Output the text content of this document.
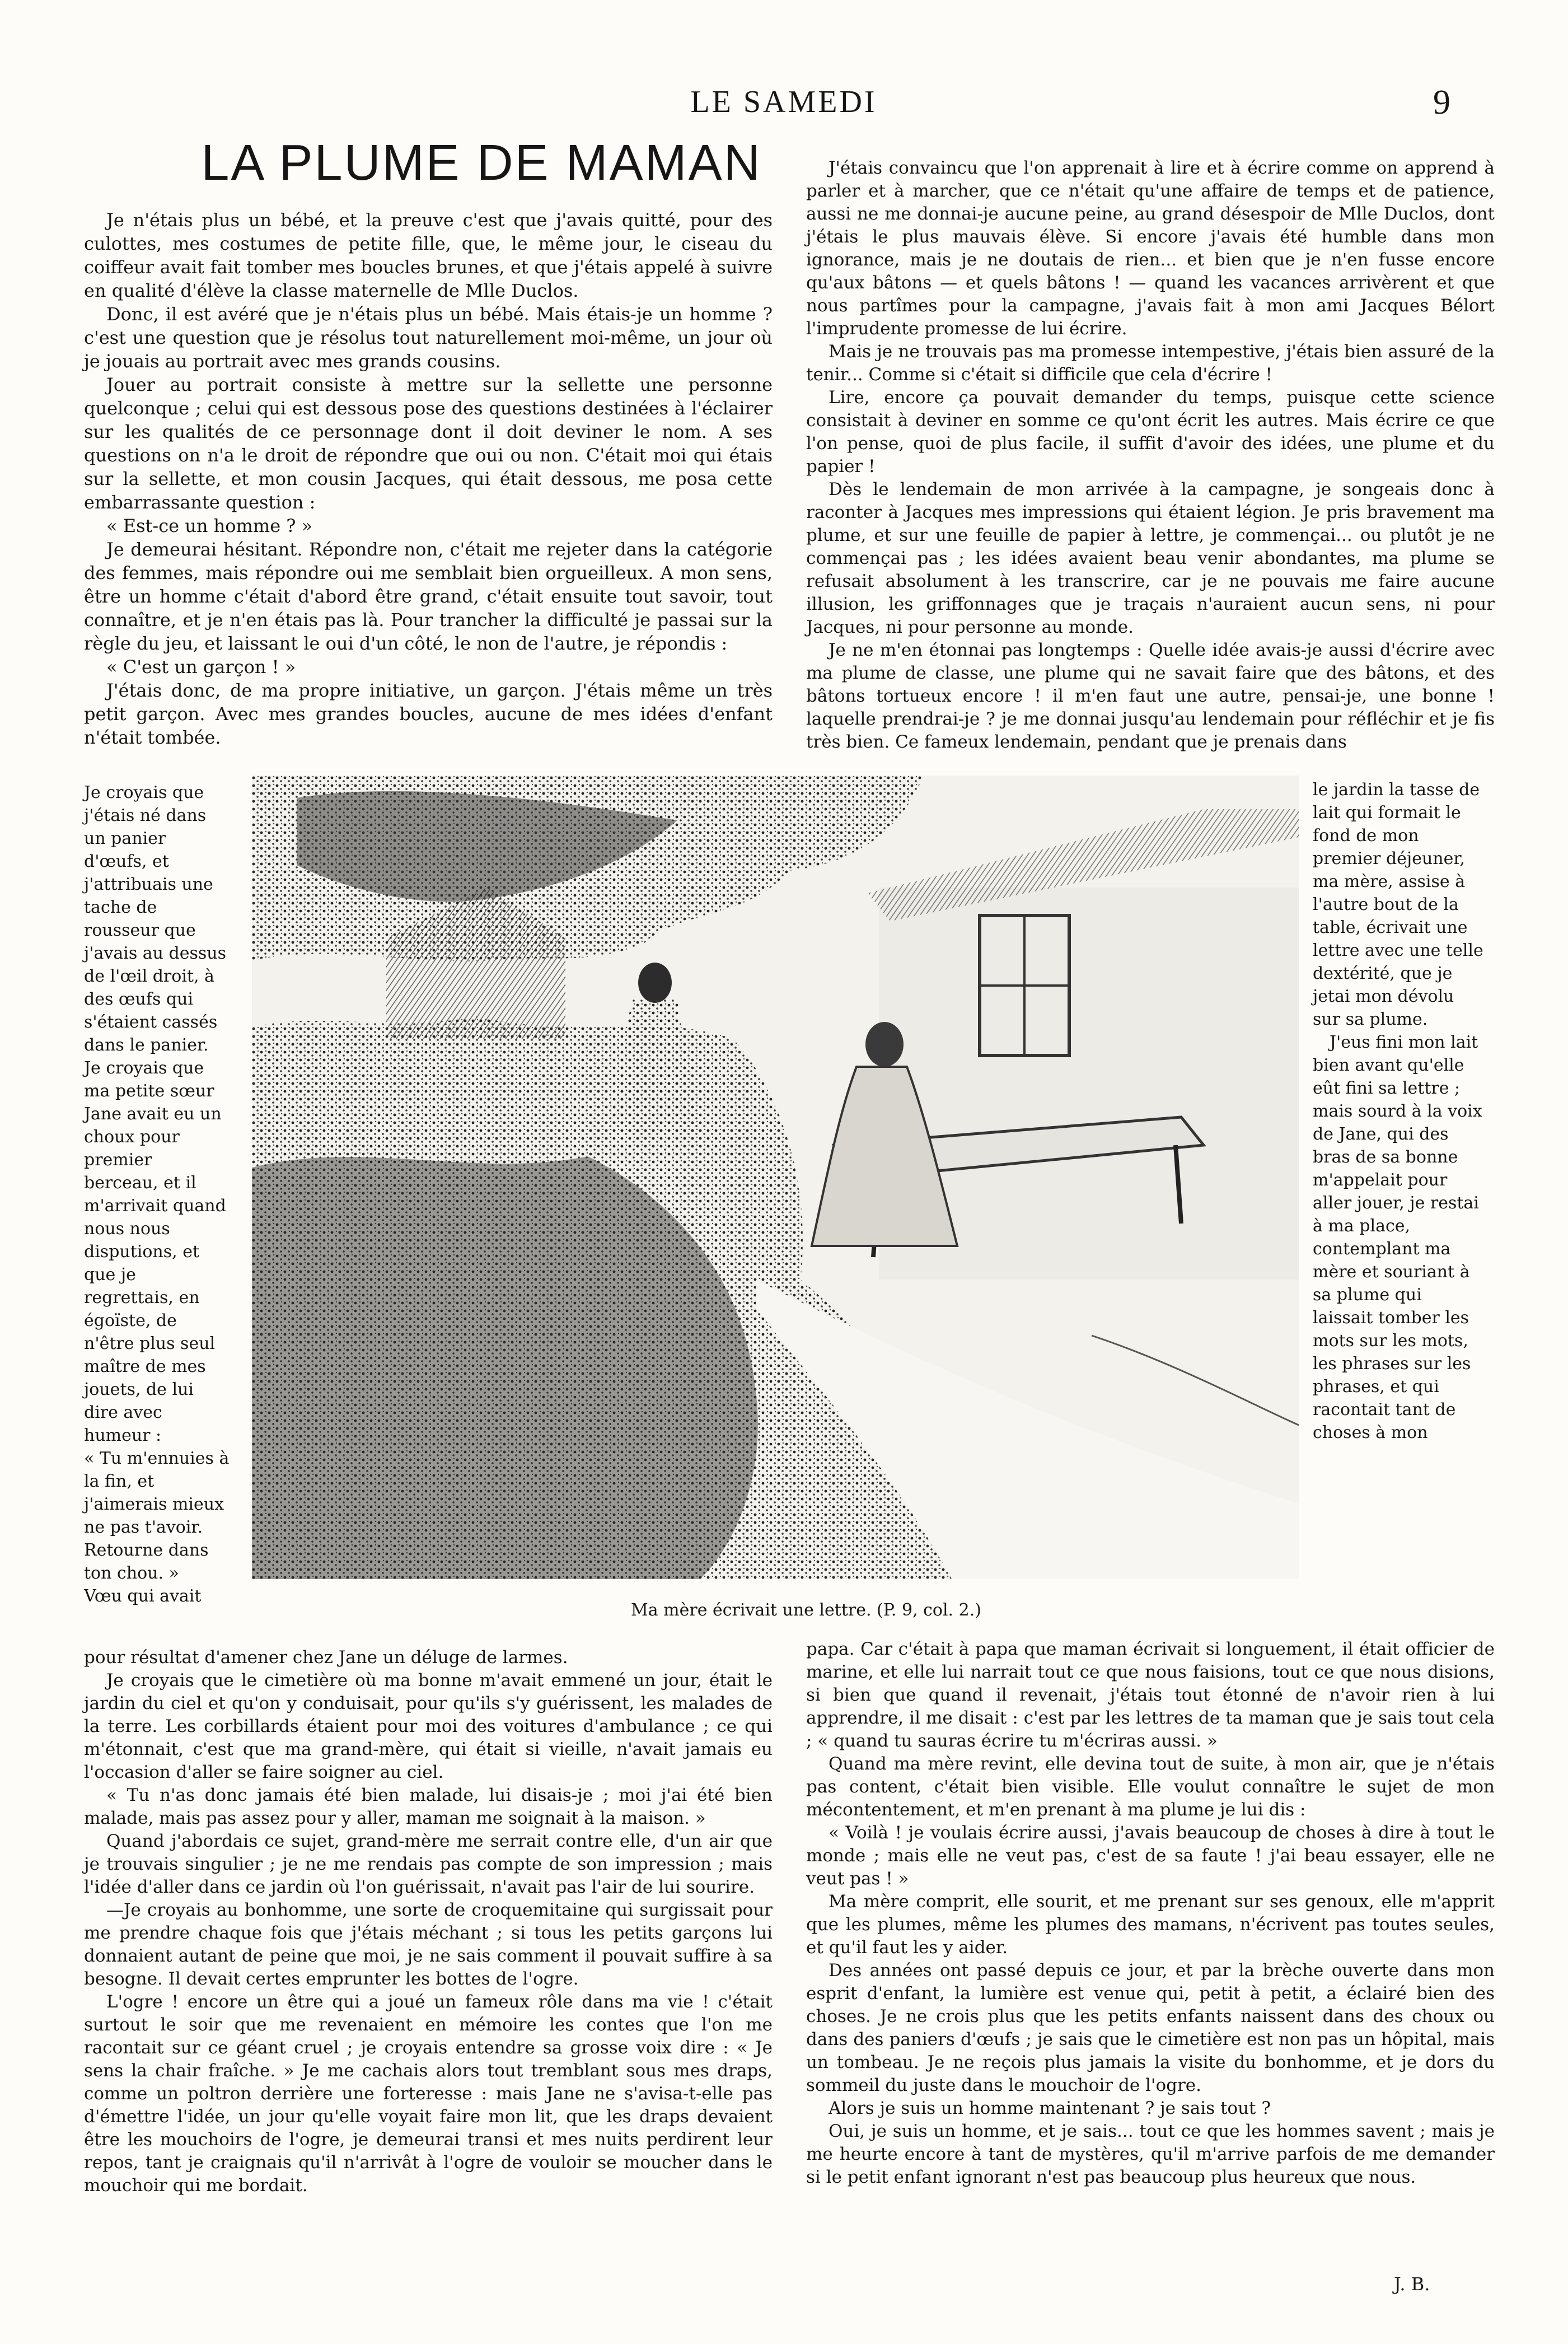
LE SAMEDI	9
LA PLUME DE MAMAN

Je n'étais plus un bébé, et la preuve c'est que j'avais quitté, pour des culottes, mes costumes de petite fille, que, le même jour, le ciseau du coiffeur avait fait tomber mes boucles brunes, et que j'étais appelé à suivre en qualité d'élève la classe maternelle de Mlle Duclos.

Donc, il est avéré que je n'étais plus un bébé. Mais étais-je un homme ? c'est une question que je résolus tout naturellement moi-même, un jour où je jouais au portrait avec mes grands cousins.

Jouer au portrait consiste à mettre sur la sellette une personne quelconque ; celui qui est dessous pose des questions destinées à l'éclairer sur les qualités de ce personnage dont il doit deviner le nom. A ses questions on n'a le droit de répondre que oui ou non. C'était moi qui étais sur la sellette, et mon cousin Jacques, qui était dessous, me posa cette embarrassante question :

« Est-ce un homme ? »

Je demeurai hésitant. Répondre non, c'était me rejeter dans la catégorie des femmes, mais répondre oui me semblait bien orgueilleux. A mon sens, être un homme c'était d'abord être grand, c'était ensuite tout savoir, tout connaître, et je n'en étais pas là. Pour trancher la difficulté je passai sur la règle du jeu, et laissant le oui d'un côté, le non de l'autre, je répondis :

« C'est un garçon ! »

J'étais donc, de ma propre initiative, un garçon. J'étais même un très petit garçon. Avec mes grandes boucles, aucune de mes idées d'enfant n'était tombée.

Je croyais que j'étais né dans un panier d'œufs, et j'attribuais une tache de rousseur que j'avais au dessus de l'œil droit, à des œufs qui s'étaient cassés dans le panier.

Je croyais que ma petite sœur Jane avait eu un choux pour premier berceau, et il m'arrivait quand nous nous disputions, et que je regrettais, en égoïste, de n'être plus seul maître de mes jouets, de lui dire avec humeur :

« Tu m'ennuies à la fin, et j'aimerais mieux ne pas t'avoir. Retourne dans ton chou. »

Vœu qui avait

pour résultat d'amener chez Jane un déluge de larmes.

Je croyais que le cimetière où ma bonne m'avait emmené un jour, était le jardin du ciel et qu'on y conduisait, pour qu'ils s'y guérissent, les malades de la terre. Les corbillards étaient pour moi des voitures d'ambulance ; ce qui m'étonnait, c'est que ma grand-mère, qui était si vieille, n'avait jamais eu l'occasion d'aller se faire soigner au ciel.

« Tu n'as donc jamais été bien malade, lui disais-je ; moi j'ai été bien malade, mais pas assez pour y aller, maman me soignait à la maison. »

Quand j'abordais ce sujet, grand-mère me serrait contre elle, d'un air que je trouvais singulier ; je ne me rendais pas compte de son impression ; mais l'idée d'aller dans ce jardin où l'on guérissait, n'avait pas l'air de lui sourire.

—Je croyais au bonhomme, une sorte de croquemitaine qui surgissait pour me prendre chaque fois que j'étais méchant ; si tous les petits garçons lui donnaient autant de peine que moi, je ne sais comment il pouvait suffire à sa besogne. Il devait certes emprunter les bottes de l'ogre.

L'ogre ! encore un être qui a joué un fameux rôle dans ma vie ! c'était surtout le soir que me revenaient en mémoire les contes que l'on me racontait sur ce géant cruel ; je croyais entendre sa grosse voix dire : « Je sens la chair fraîche. » Je me cachais alors tout tremblant sous mes draps, comme un poltron derrière une forteresse : mais Jane ne s'avisa-t-elle pas d'émettre l'idée, un jour qu'elle voyait faire mon lit, que les draps devaient être les mouchoirs de l'ogre, je demeurai transi et mes nuits perdirent leur repos, tant je craignais qu'il n'arrivât à l'ogre de vouloir se moucher dans le mouchoir qui me bordait.

J'étais convaincu que l'on apprenait à lire et à écrire comme on apprend à parler et à marcher, que ce n'était qu'une affaire de temps et de patience, aussi ne me donnai-je aucune peine, au grand désespoir de Mlle Duclos, dont j'étais le plus mauvais élève. Si encore j'avais été humble dans mon ignorance, mais je ne doutais de rien... et bien que je n'en fusse encore qu'aux bâtons — et quels bâtons ! — quand les vacances arrivèrent et que nous partîmes pour la campagne, j'avais fait à mon ami Jacques Bélort l'imprudente promesse de lui écrire.

Mais je ne trouvais pas ma promesse intempestive, j'étais bien assuré de la tenir... Comme si c'était si difficile que cela d'écrire !

Lire, encore ça pouvait demander du temps, puisque cette science consistait à deviner en somme ce qu'ont écrit les autres. Mais écrire ce que l'on pense, quoi de plus facile, il suffit d'avoir des idées, une plume et du papier !

Dès le lendemain de mon arrivée à la campagne, je songeais donc à raconter à Jacques mes impressions qui étaient légion. Je pris bravement ma plume, et sur une feuille de papier à lettre, je commençai... ou plutôt je ne commençai pas ; les idées avaient beau venir abondantes, ma plume se refusait absolument à les transcrire, car je ne pouvais me faire aucune illusion, les griffonnages que je traçais n'auraient aucun sens, ni pour Jacques, ni pour personne au monde.

Je ne m'en étonnai pas longtemps : Quelle idée avais-je aussi d'écrire avec ma plume de classe, une plume qui ne savait faire que des bâtons, et des bâtons tortueux encore ! il m'en faut une autre, pensai-je, une bonne ! laquelle prendrai-je ? je me donnai jusqu'au lendemain pour réfléchir et je fis très bien. Ce fameux lendemain, pendant que je prenais dans

le jardin la tasse de lait qui formait le fond de mon premier déjeuner, ma mère, assise à l'autre bout de la table, écrivait une lettre avec une telle dextérité, que je jetai mon dévolu sur sa plume.

J'eus fini mon lait bien avant qu'elle eût fini sa lettre ; mais sourd à la voix de Jane, qui des bras de sa bonne m'appelait pour aller jouer, je restai à ma place, contemplant ma mère et souriant à sa plume qui laissait tomber les mots sur les mots, les phrases sur les phrases, et qui racontait tant de choses à mon

papa. Car c'était à papa que maman écrivait si longuement, il était officier de marine, et elle lui narrait tout ce que nous faisions, tout ce que nous disions, si bien que quand il revenait, j'étais tout étonné de n'avoir rien à lui apprendre, il me disait : c'est par les lettres de ta maman que je sais tout cela ; « quand tu sauras écrire tu m'écriras aussi. »

Quand ma mère revint, elle devina tout de suite, à mon air, que je n'étais pas content, c'était bien visible. Elle voulut connaître le sujet de mon mécontentement, et m'en prenant à ma plume je lui dis :

« Voilà ! je voulais écrire aussi, j'avais beaucoup de choses à dire à tout le monde ; mais elle ne veut pas, c'est de sa faute ! j'ai beau essayer, elle ne veut pas ! »

Ma mère comprit, elle sourit, et me prenant sur ses genoux, elle m'apprit que les plumes, même les plumes des mamans, n'écrivent pas toutes seules, et qu'il faut les y aider.

Des années ont passé depuis ce jour, et par la brèche ouverte dans mon esprit d'enfant, la lumière est venue qui, petit à petit, a éclairé bien des choses. Je ne crois plus que les petits enfants naissent dans des choux ou dans des paniers d'œufs ; je sais que le cimetière est non pas un hôpital, mais un tombeau. Je ne reçois plus jamais la visite du bonhomme, et je dors du sommeil du juste dans le mouchoir de l'ogre.

Alors je suis un homme maintenant ? je sais tout ?

Oui, je suis un homme, et je sais... tout ce que les hommes savent ; mais je me heurte encore à tant de mystères, qu'il m'arrive parfois de me demander si le petit enfant ignorant n'est pas beaucoup plus heureux que nous.

J. B.
Ma mère écrivait une lettre. (P. 9, col. 2.)
